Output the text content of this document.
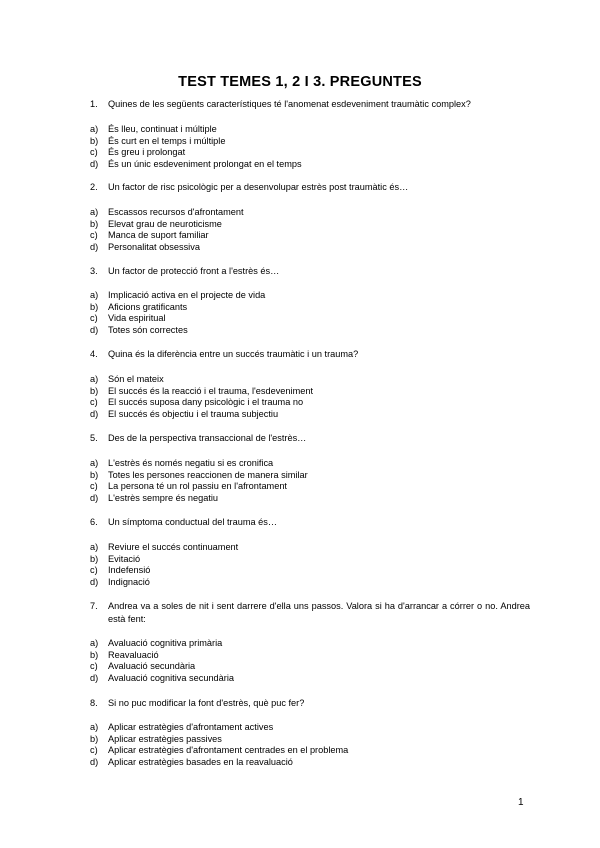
TEST TEMES 1, 2 I 3. PREGUNTES
1. Quines de les següents característiques té l'anomenat esdeveniment traumàtic complex?
a) És lleu, continuat i múltiple
b) És curt en el temps i múltiple
c) És greu i prolongat
d) És un únic esdeveniment prolongat en el temps
2. Un factor de risc psicològic per a desenvolupar estrès post traumàtic és…
a) Escassos recursos d'afrontament
b) Elevat grau de neuroticisme
c) Manca de suport familiar
d) Personalitat obsessiva
3. Un factor de protecció front a l'estrès és…
a) Implicació activa en el projecte de vida
b) Aficions gratificants
c) Vida espiritual
d) Totes són correctes
4. Quina és la diferència entre un succés traumàtic i un trauma?
a) Són el mateix
b) El succés és la reacció i el trauma, l'esdeveniment
c) El succés suposa dany psicològic i el trauma no
d) El succés és objectiu i el trauma subjectiu
5. Des de la perspectiva transaccional de l'estrès…
a) L'estrès és només negatiu si es cronifica
b) Totes les persones reaccionen de manera similar
c) La persona té un rol passiu en l'afrontament
d) L'estrès sempre és negatiu
6. Un símptoma conductual del trauma és…
a) Reviure el succés continuament
b) Evitació
c) Indefensió
d) Indignació
7. Andrea va a soles de nit i sent darrere d'ella uns passos. Valora si ha d'arrancar a córrer o no. Andrea està fent:
a) Avaluació cognitiva primària
b) Reavaluació
c) Avaluació secundària
d) Avaluació cognitiva secundària
8. Si no puc modificar la font d'estrès, què puc fer?
a) Aplicar estratègies d'afrontament actives
b) Aplicar estratègies passives
c) Aplicar estratègies d'afrontament centrades en el problema
d) Aplicar estratègies basades en la reavaluació
1
